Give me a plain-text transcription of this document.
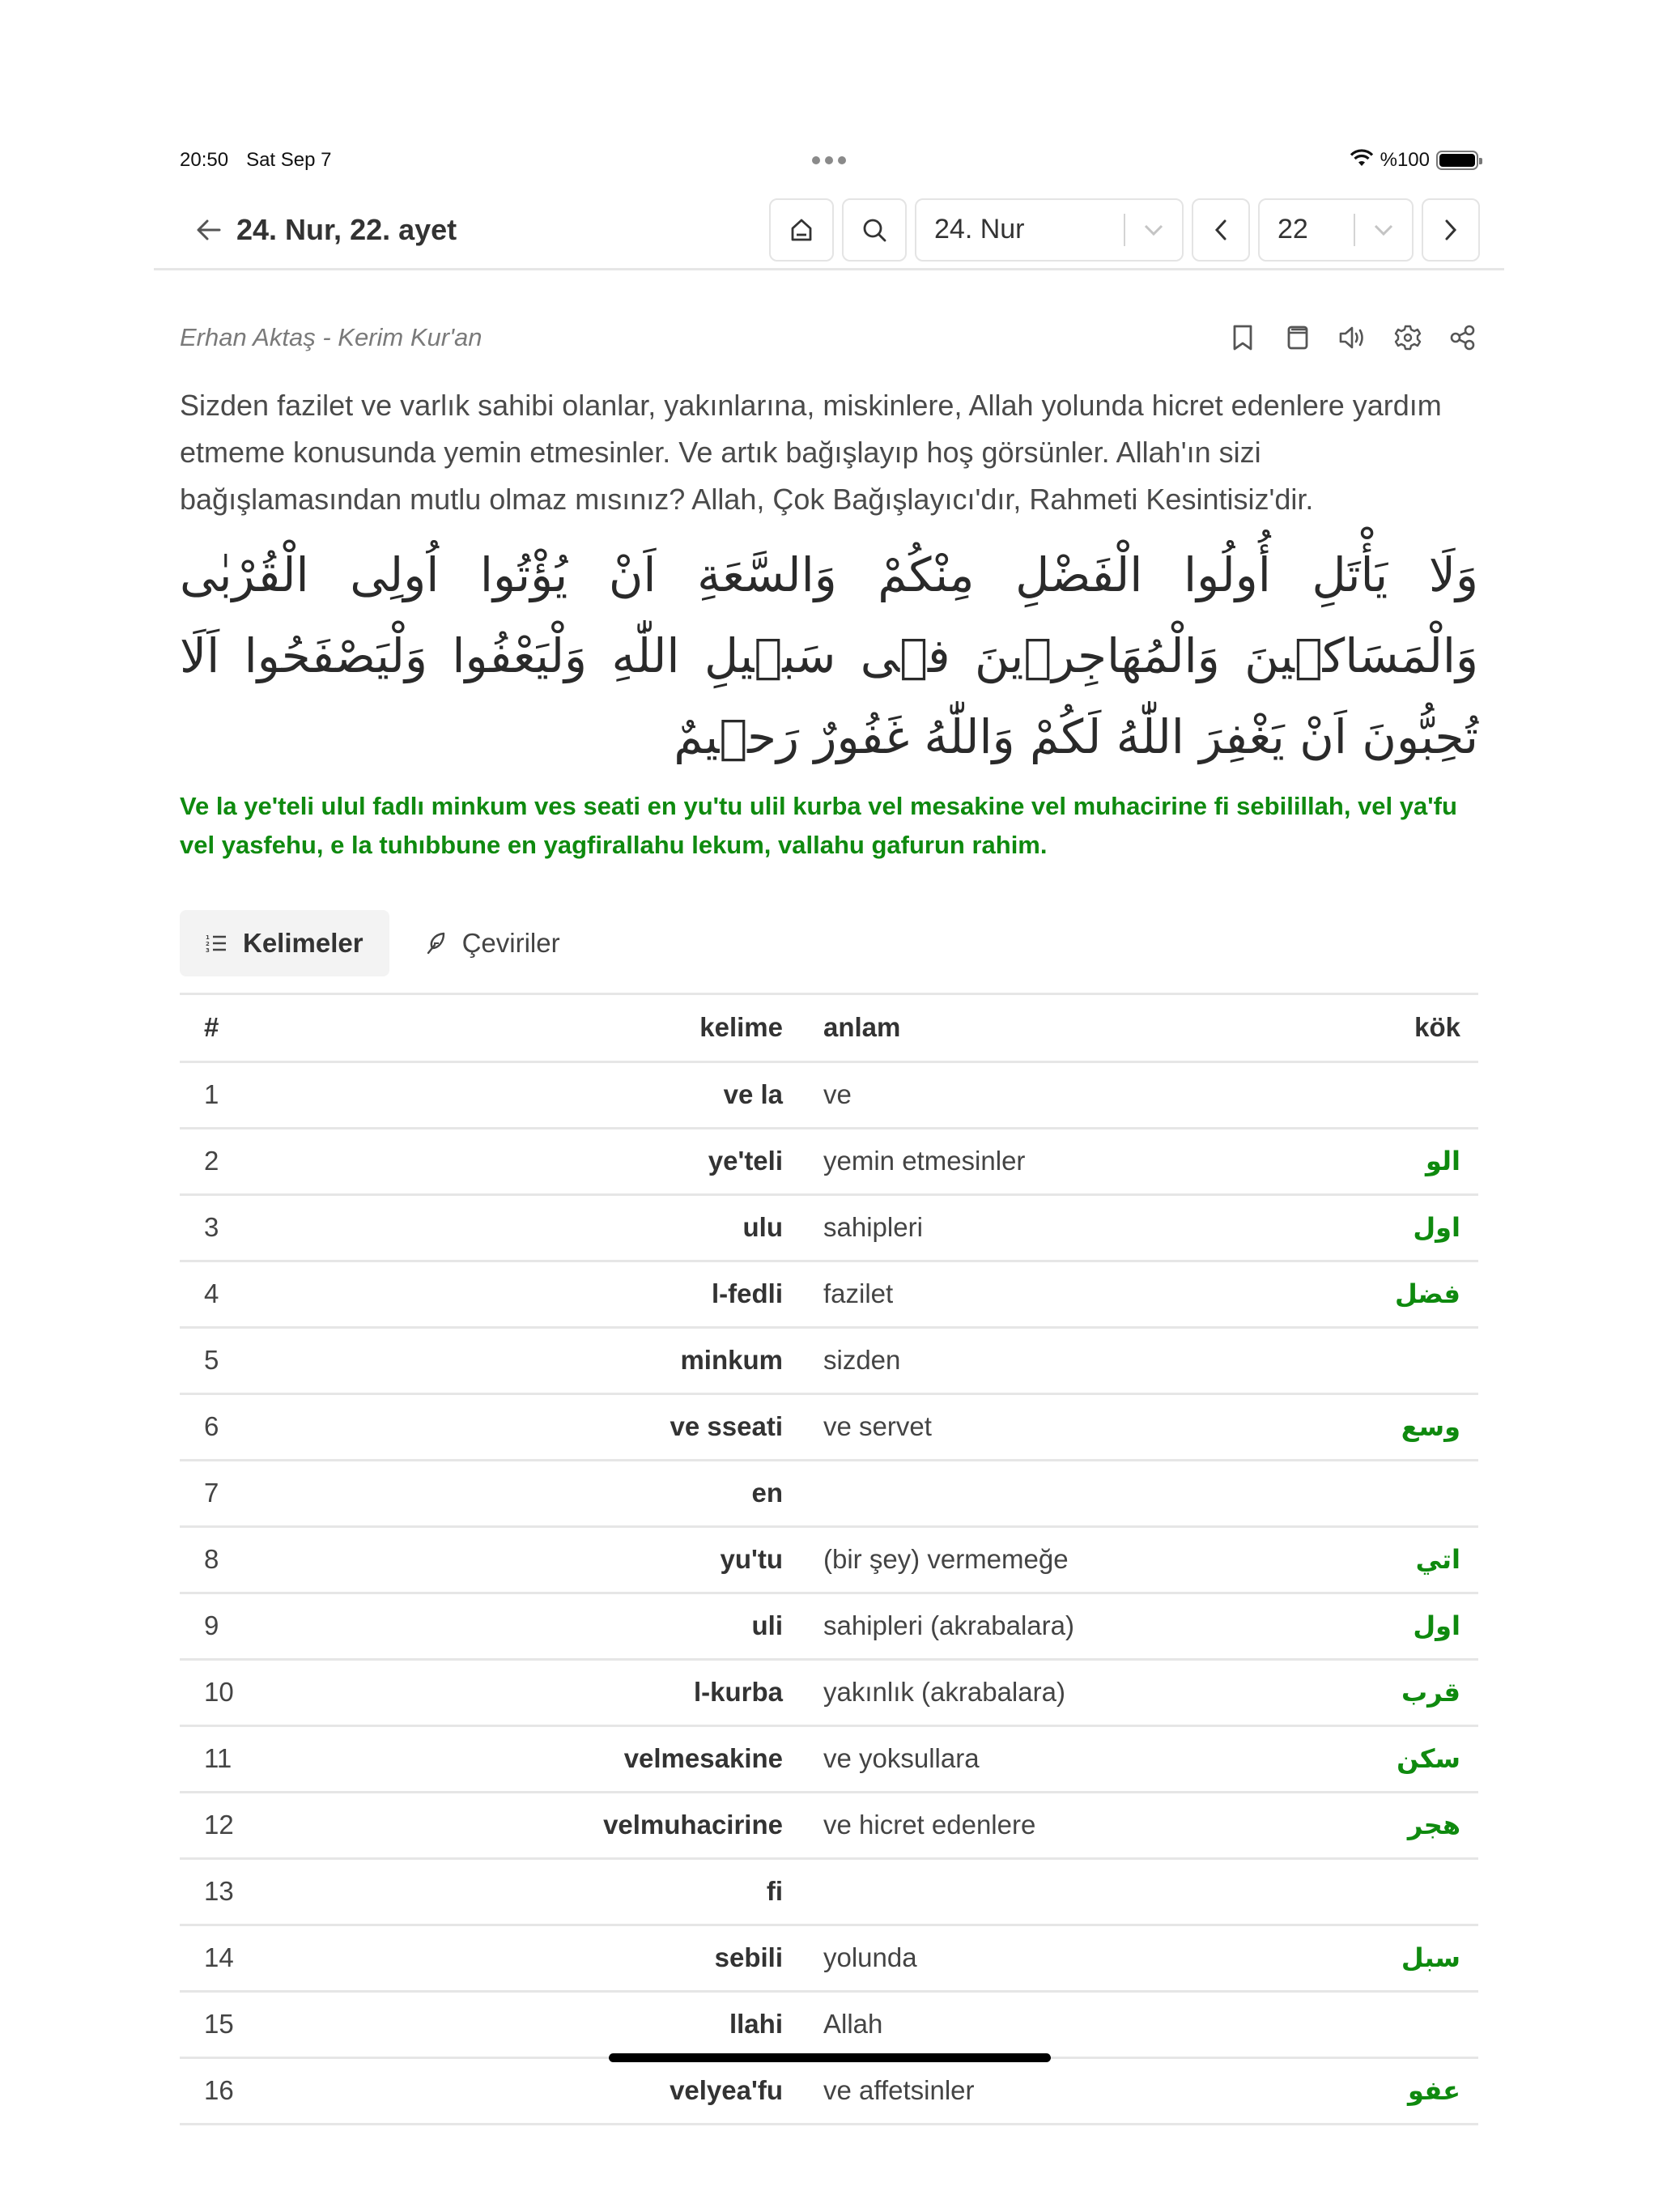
20:50 Sat Sep 7	%100
24. Nur, 22. ayet	24. Nur	22
Erhan Aktaş - Kerim Kur'an

Sizden fazilet ve varlık sahibi olanlar, yakınlarına, miskinlere, Allah yolunda hicret edenlere yardım etmeme konusunda yemin etmesinler. Ve artık bağışlayıp hoş görsünler. Allah'ın sizi bağışlamasından mutlu olmaz mısınız? Allah, Çok Bağışlayıcı'dır, Rahmeti Kesintisiz'dir.

وَلَا يَأْتَلِ أُولُوا الْفَضْلِ مِنْكُمْ وَالسَّعَةِ اَنْ يُؤْتُوا اُولِى الْقُرْبٰى وَالْمَسَاكٖينَ وَالْمُهَاجِرٖينَ فٖى سَبٖيلِ اللّٰهِ وَلْيَعْفُوا وَلْيَصْفَحُوا اَلَا تُحِبُّونَ اَنْ يَغْفِرَ اللّٰهُ لَكُمْ وَاللّٰهُ غَفُورٌ رَحٖيمٌ

Ve la ye'teli ulul fadlı minkum ves seati en yu'tu ulil kurba vel mesakine vel muhacirine fi sebilillah, vel ya'fu vel yasfehu, e la tuhıbbune en yagfirallahu lekum, vallahu gafurun rahim.

1
2
3 Kelimeler	Çeviriler
#	kelime	anlam	kök
1	ve la	ve	
2	ye'teli	yemin etmesinler	الو
3	ulu	sahipleri	اول
4	l-fedli	fazilet	فضل
5	minkum	sizden	
6	ve sseati	ve servet	وسع
7	en		
8	yu'tu	(bir şey) vermemeğe	اتي
9	uli	sahipleri (akrabalara)	اول
10	l-kurba	yakınlık (akrabalara)	قرب
11	velmesakine	ve yoksullara	سكن
12	velmuhacirine	ve hicret edenlere	هجر
13	fi		
14	sebili	yolunda	سبل
15	llahi	Allah	
16	velyea'fu	ve affetsinler	عفو
